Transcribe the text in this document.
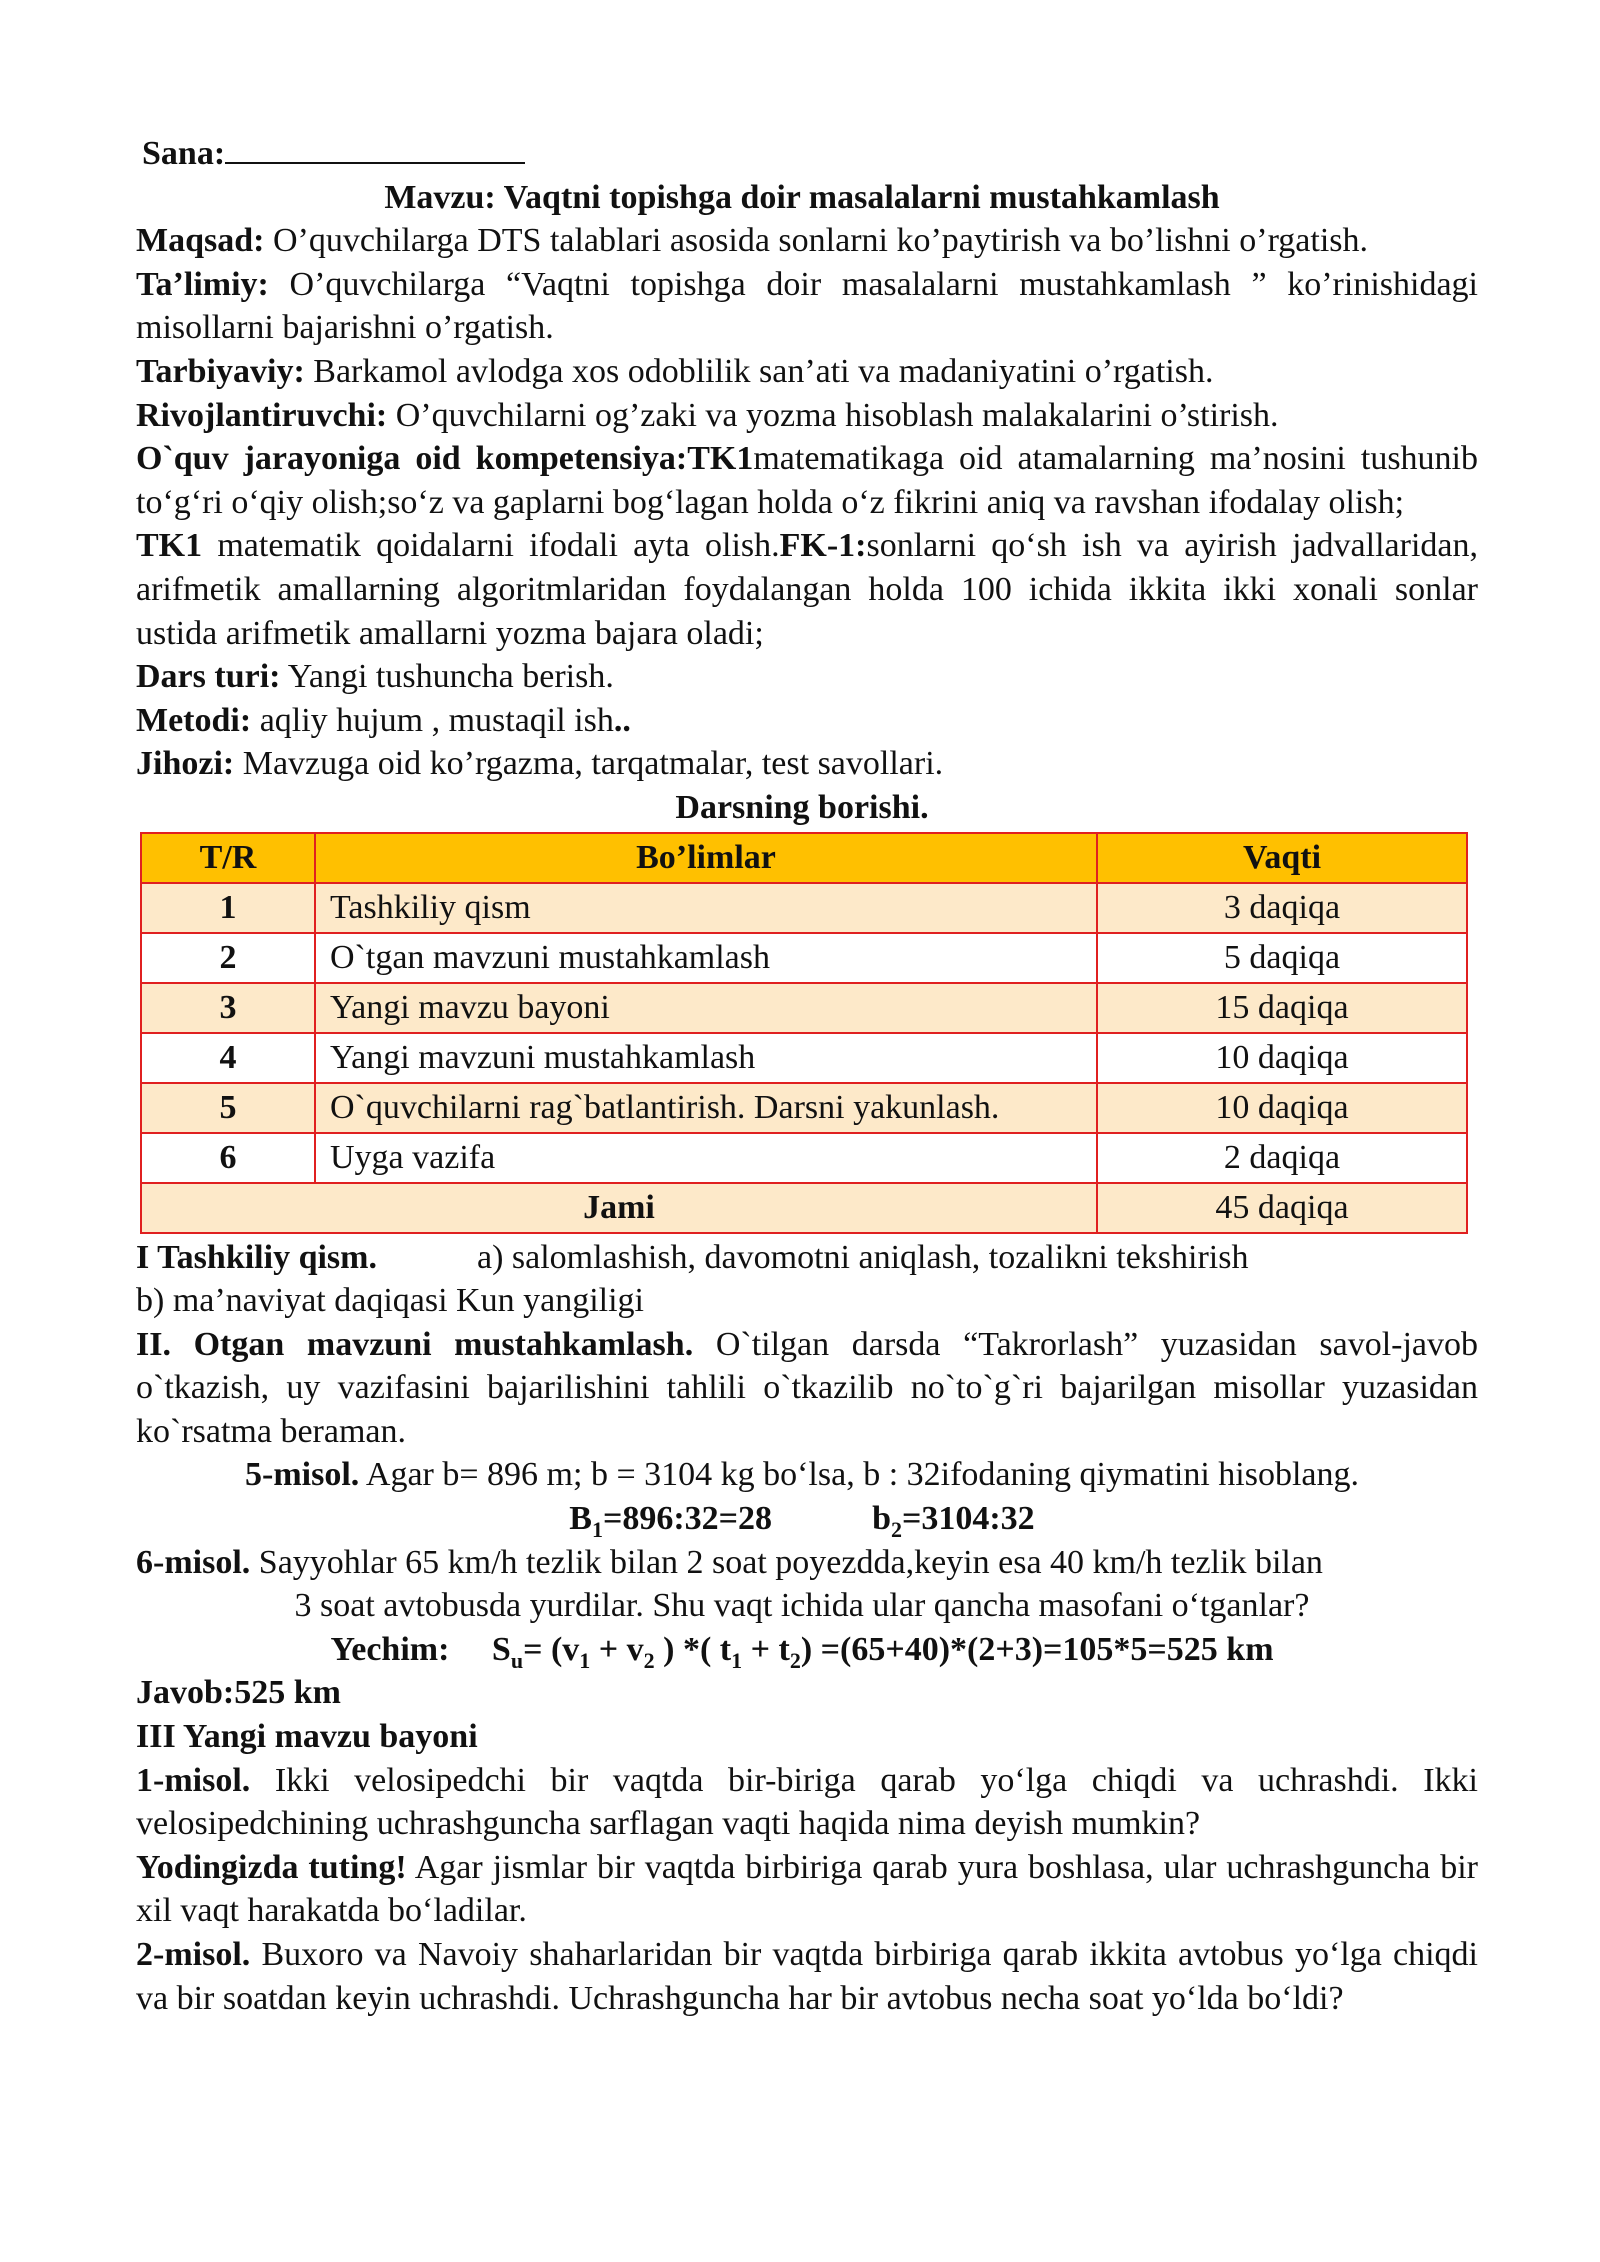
Sana:

Mavzu: Vaqtni topishga doir masalalarni mustahkamlash

Maqsad: O’quvchilarga DTS talablari asosida sonlarni ko’paytirish va bo’lishni o’rgatish.

Ta’limiy: O’quvchilarga “Vaqtni topishga doir masalalarni mustahkamlash ” ko’rinishidagi misollarni bajarishni o’rgatish.

Tarbiyaviy: Barkamol avlodga xos odoblilik san’ati va madaniyatini o’rgatish.

Rivojlantiruvchi: O’quvchilarni og’zaki va yozma hisoblash malakalarini o’stirish.

O`quv jarayoniga oid kompetensiya:TK1matematikaga oid atamalarning ma’nosini tushunib to‘g‘ri o‘qiy olish;so‘z va gaplarni bog‘lagan holda o‘z fikrini aniq va ravshan ifodalay olish;

TK1 matematik qoidalarni ifodali ayta olish.FK-1:sonlarni qo‘sh ish va ayirish jadvallaridan, arifmetik amallarning algoritmlaridan foydalangan holda 100 ichida ikkita ikki xonali sonlar ustida arifmetik amallarni yozma bajara oladi;

Dars turi: Yangi tushuncha berish.

Metodi: aqliy hujum , mustaqil ish..

Jihozi: Mavzuga oid ko’rgazma, tarqatmalar, test savollari.

Darsning borishi.

T/R	Bo’limlar	Vaqti
1	Tashkiliy qism	3 daqiqa
2	O`tgan mavzuni mustahkamlash	5 daqiqa
3	Yangi mavzu bayoni	15 daqiqa
4	Yangi mavzuni mustahkamlash	10 daqiqa
5	O`quvchilarni rag`batlantirish. Darsni yakunlash.	10 daqiqa
6	Uyga vazifa	2 daqiqa
Jami		45 daqiqa

I Tashkiliy qism.	a) salomlashish, davomotni aniqlash, tozalikni tekshirish

b) ma’naviyat daqiqasi Kun yangiligi

II. Otgan mavzuni mustahkamlash. O`tilgan darsda “Takrorlash” yuzasidan savol-javob o`tkazish, uy vazifasini bajarilishini tahlili o`tkazilib no`to`g`ri bajarilgan misollar yuzasidan ko`rsatma beraman.

5-misol. Agar b= 896 m; b = 3104 kg bo‘lsa, b : 32ifodaning qiymatini hisoblang.

$B_1=896:32=28$	$b_2=3104:32$

6-misol. Sayyohlar 65 km/h tezlik bilan 2 soat poyezdda,keyin esa 40 km/h tezlik bilan

3 soat avtobusda yurdilar. Shu vaqt ichida ular qancha masofani o‘tganlar?

Yechim: $S_u= (v_1 + v_2$ ) *( $t_1 + t_2) =(65+40)*(2+3)=105*5=525$ km

Javob:525 km

III Yangi mavzu bayoni

1-misol. Ikki velosipedchi bir vaqtda bir-biriga qarab yo‘lga chiqdi va uchrashdi. Ikki velosipedchining uchrashguncha sarflagan vaqti haqida nima deyish mumkin?

Yodingizda tuting! Agar jismlar bir vaqtda birbiriga qarab yura boshlasa, ular uchrashguncha bir xil vaqt harakatda bo‘ladilar.

2-misol. Buxoro va Navoiy shaharlaridan bir vaqtda birbiriga qarab ikkita avtobus yo‘lga chiqdi va bir soatdan keyin uchrashdi. Uchrashguncha har bir avtobus necha soat yo‘lda bo‘ldi?
